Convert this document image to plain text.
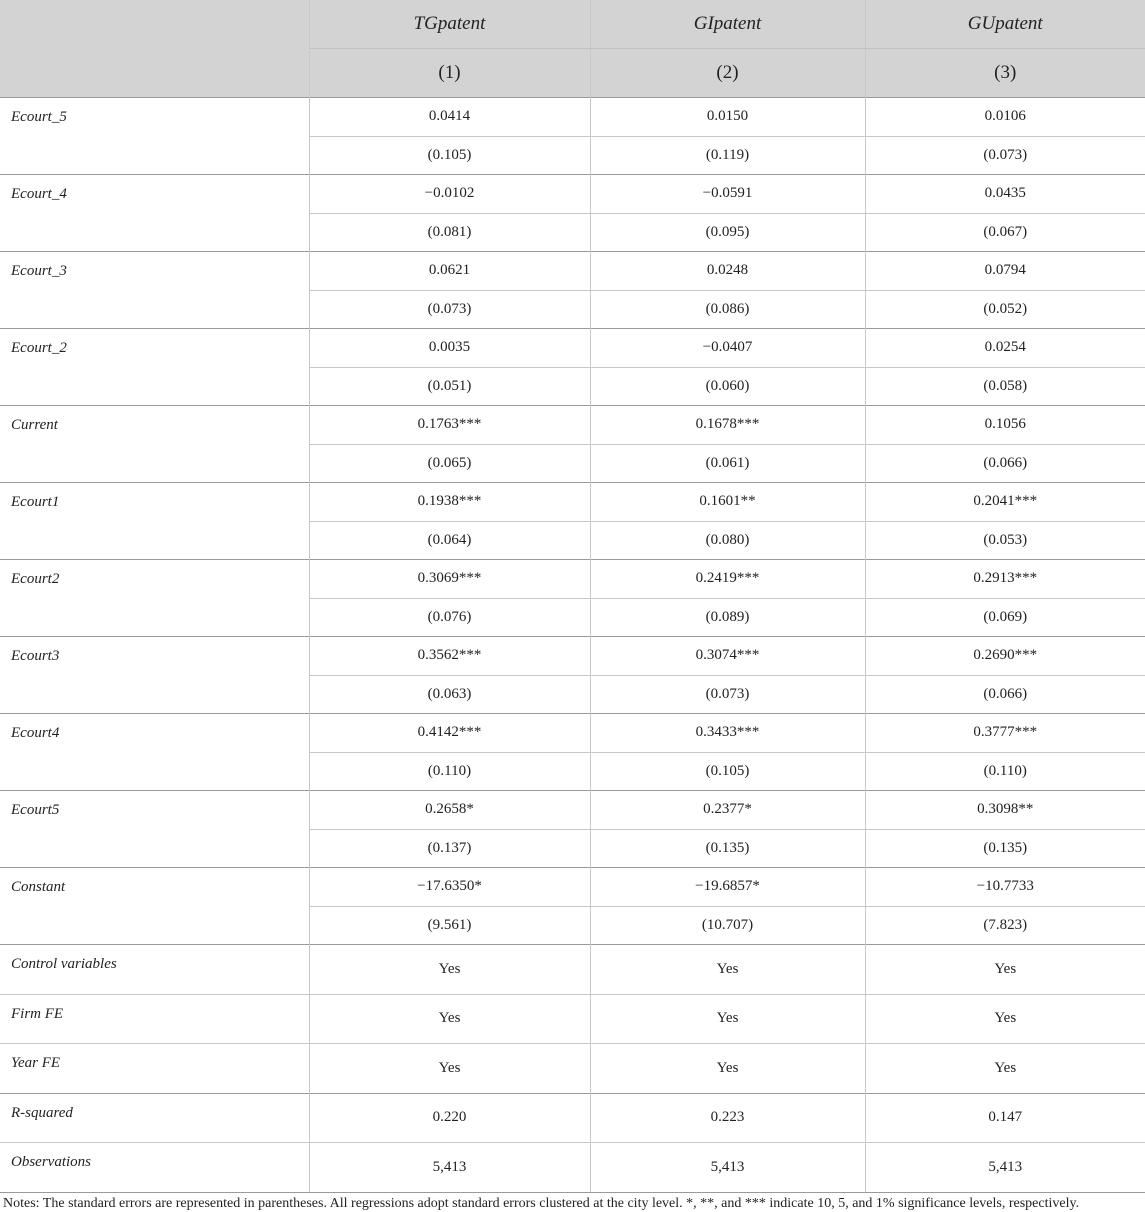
	TGpatent	GIpatent	GUpatent
	(1)	(2)	(3)
Ecourt_5	0.0414	0.0150	0.0106
	(0.105)	(0.119)	(0.073)
Ecourt_4	−0.0102	−0.0591	0.0435
	(0.081)	(0.095)	(0.067)
Ecourt_3	0.0621	0.0248	0.0794
	(0.073)	(0.086)	(0.052)
Ecourt_2	0.0035	−0.0407	0.0254
	(0.051)	(0.060)	(0.058)
Current	0.1763***	0.1678***	0.1056
	(0.065)	(0.061)	(0.066)
Ecourt1	0.1938***	0.1601**	0.2041***
	(0.064)	(0.080)	(0.053)
Ecourt2	0.3069***	0.2419***	0.2913***
	(0.076)	(0.089)	(0.069)
Ecourt3	0.3562***	0.3074***	0.2690***
	(0.063)	(0.073)	(0.066)
Ecourt4	0.4142***	0.3433***	0.3777***
	(0.110)	(0.105)	(0.110)
Ecourt5	0.2658*	0.2377*	0.3098**
	(0.137)	(0.135)	(0.135)
Constant	−17.6350*	−19.6857*	−10.7733
	(9.561)	(10.707)	(7.823)
Control variables	Yes	Yes	Yes
Firm FE	Yes	Yes	Yes
Year FE	Yes	Yes	Yes
R-squared	0.220	0.223	0.147
Observations	5,413	5,413	5,413
Notes: The standard errors are represented in parentheses. All regressions adopt standard errors clustered at the city level. *, **, and *** indicate 10, 5, and 1% significance levels, respectively.
